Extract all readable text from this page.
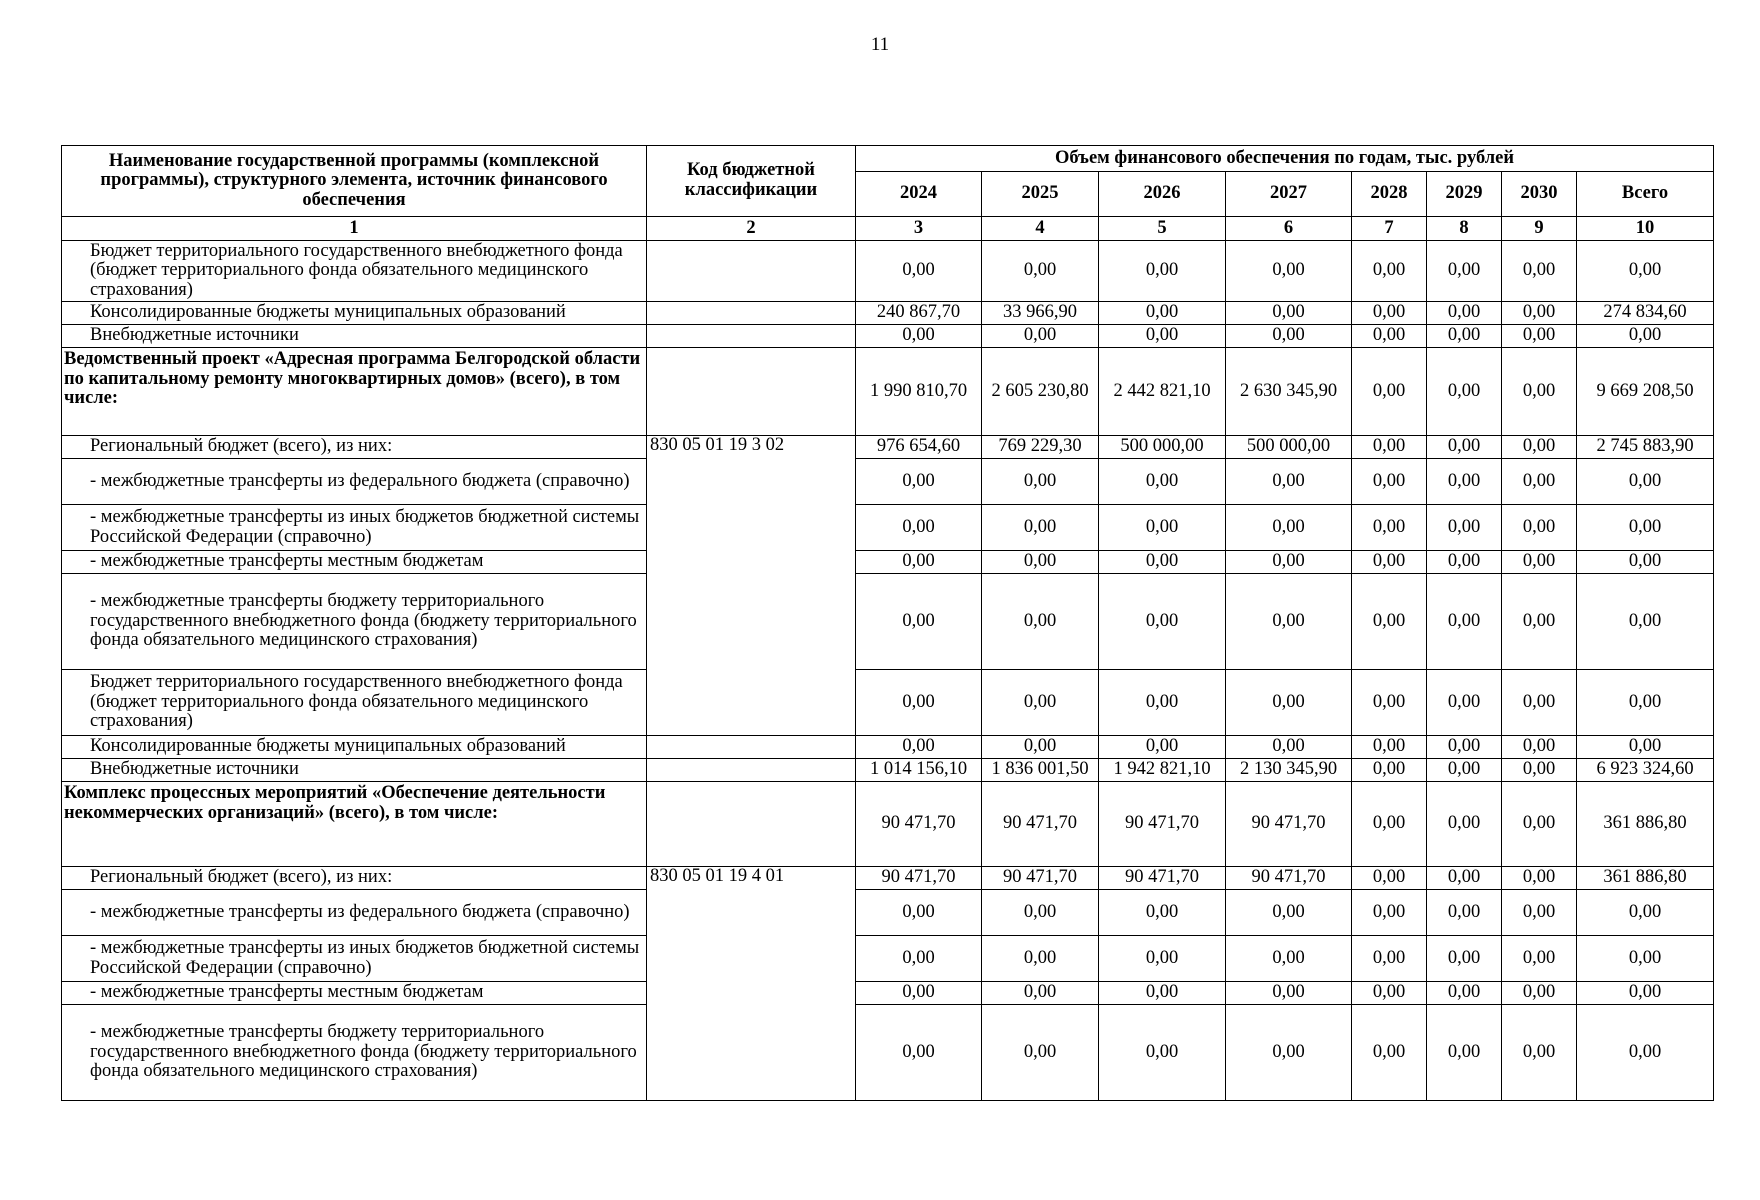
11
Наименование государственной программы (комплексной программы), структурного элемента, источник финансового обеспечения	Код бюджетной классификации	Объем финансового обеспечения по годам, тыс. рублей							
		2024	2025	2026	2027	2028	2029	2030	Всего
1	2	3	4	5	6	7	8	9	10
Бюджет территориального государственного внебюджетного фонда (бюджет территориального фонда обязательного медицинского страхования)		0,00	0,00	0,00	0,00	0,00	0,00	0,00	0,00
Консолидированные бюджеты муниципальных образований		240 867,70	33 966,90	0,00	0,00	0,00	0,00	0,00	274 834,60
Внебюджетные источники		0,00	0,00	0,00	0,00	0,00	0,00	0,00	0,00
Ведомственный проект «Адресная программа Белгородской области по капитальному ремонту многоквартирных домов» (всего), в том числе:		1 990 810,70	2 605 230,80	2 442 821,10	2 630 345,90	0,00	0,00	0,00	9 669 208,50
Региональный бюджет (всего), из них:	830 05 01 19 3 02	976 654,60	769 229,30	500 000,00	500 000,00	0,00	0,00	0,00	2 745 883,90
- межбюджетные трансферты из федерального бюджета (справочно)		0,00	0,00	0,00	0,00	0,00	0,00	0,00	0,00
- межбюджетные трансферты из иных бюджетов бюджетной системы Российской Федерации (справочно)		0,00	0,00	0,00	0,00	0,00	0,00	0,00	0,00
- межбюджетные трансферты местным бюджетам		0,00	0,00	0,00	0,00	0,00	0,00	0,00	0,00
- межбюджетные трансферты бюджету территориального государственного внебюджетного фонда (бюджету территориального фонда обязательного медицинского страхования)		0,00	0,00	0,00	0,00	0,00	0,00	0,00	0,00
Бюджет территориального государственного внебюджетного фонда (бюджет территориального фонда обязательного медицинского страхования)		0,00	0,00	0,00	0,00	0,00	0,00	0,00	0,00
Консолидированные бюджеты муниципальных образований		0,00	0,00	0,00	0,00	0,00	0,00	0,00	0,00
Внебюджетные источники		1 014 156,10	1 836 001,50	1 942 821,10	2 130 345,90	0,00	0,00	0,00	6 923 324,60
Комплекс процессных мероприятий «Обеспечение деятельности некоммерческих организаций» (всего), в том числе:		90 471,70	90 471,70	90 471,70	90 471,70	0,00	0,00	0,00	361 886,80
Региональный бюджет (всего), из них:	830 05 01 19 4 01	90 471,70	90 471,70	90 471,70	90 471,70	0,00	0,00	0,00	361 886,80
- межбюджетные трансферты из федерального бюджета (справочно)		0,00	0,00	0,00	0,00	0,00	0,00	0,00	0,00
- межбюджетные трансферты из иных бюджетов бюджетной системы Российской Федерации (справочно)		0,00	0,00	0,00	0,00	0,00	0,00	0,00	0,00
- межбюджетные трансферты местным бюджетам		0,00	0,00	0,00	0,00	0,00	0,00	0,00	0,00
- межбюджетные трансферты бюджету территориального государственного внебюджетного фонда (бюджету территориального фонда обязательного медицинского страхования)		0,00	0,00	0,00	0,00	0,00	0,00	0,00	0,00
